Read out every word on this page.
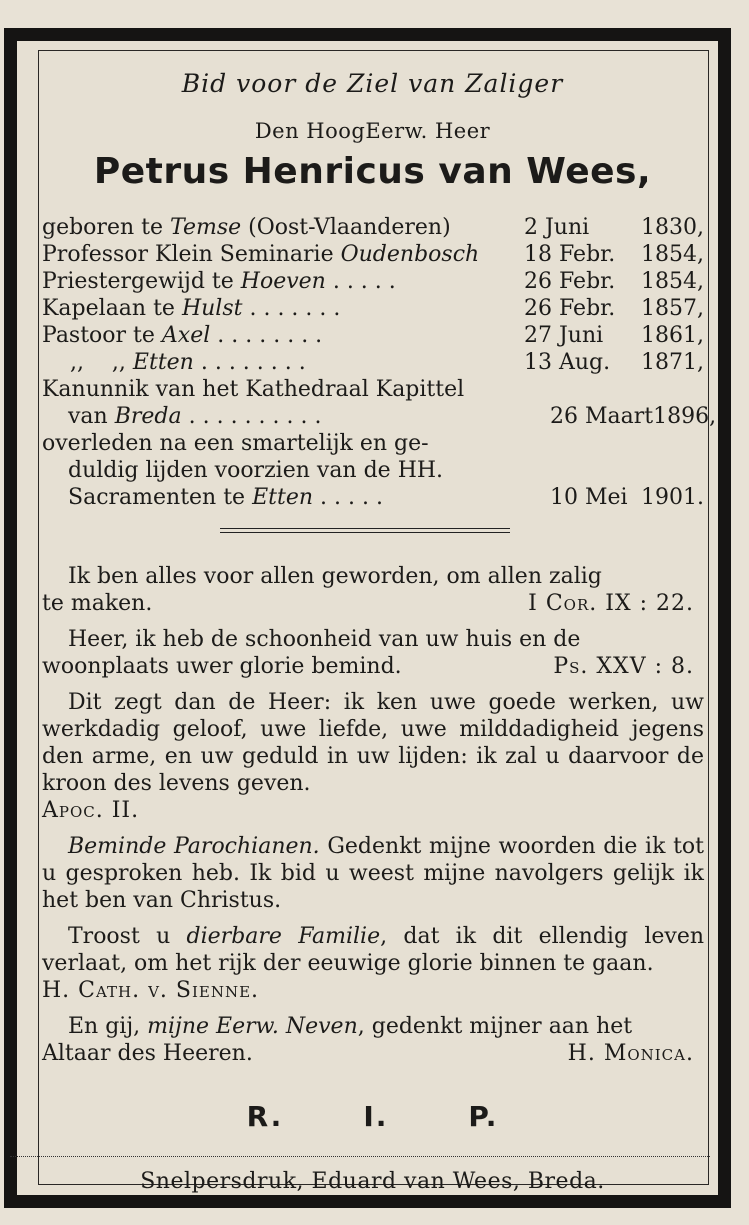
Bid voor de Ziel van Zaliger
Den HoogEerw. Heer
Petrus Henricus van Wees,
geboren te Temse (Oost-Vlaanderen)	2 Juni 1830,
Professor Klein Seminarie Oudenbosch	18 Febr. 1854,
Priestergewijd te Hoeven . . . . .	26 Febr. 1854,
Kapelaan te Hulst . . . . . . .	26 Febr. 1857,
Pastoor te Axel . . . . . . . .	27 Juni 1861,
,,    ,, Etten . . . . . . . .	13 Aug. 1871,
Kanunnik van het Kathedraal Kapittel
van Breda . . . . . . . . . .	26 Maart 1896,
overleden na een smartelijk en ge-
duldig lijden voorzien van de HH.
Sacramenten te Etten . . . . .	10 Mei 1901.
Ik ben alles voor allen geworden, om allen zalig
te maken.	I Cor. IX : 22.
Heer, ik heb de schoonheid van uw huis en de
woonplaats uwer glorie bemind.	Ps. XXV : 8.

Dit zegt dan de Heer: ik ken uwe goede werken, uw werkdadig geloof, uwe liefde, uwe milddadigheid jegens den arme, en uw geduld in uw lijden: ik zal u daarvoor de kroon des levens geven.

Apoc. II.

Beminde Parochianen. Gedenkt mijne woorden die ik tot u gesproken heb. Ik bid u weest mijne navolgers gelijk ik het ben van Christus.

Troost u dierbare Familie, dat ik dit ellendig leven verlaat, om het rijk der eeuwige glorie binnen te gaan.

H. Cath. v. Sienne.
En gij, mijne Eerw. Neven, gedenkt mijner aan het
Altaar des Heeren.	H. Monica.
R.	I.	P.
Snelpersdruk, Eduard van Wees, Breda.
